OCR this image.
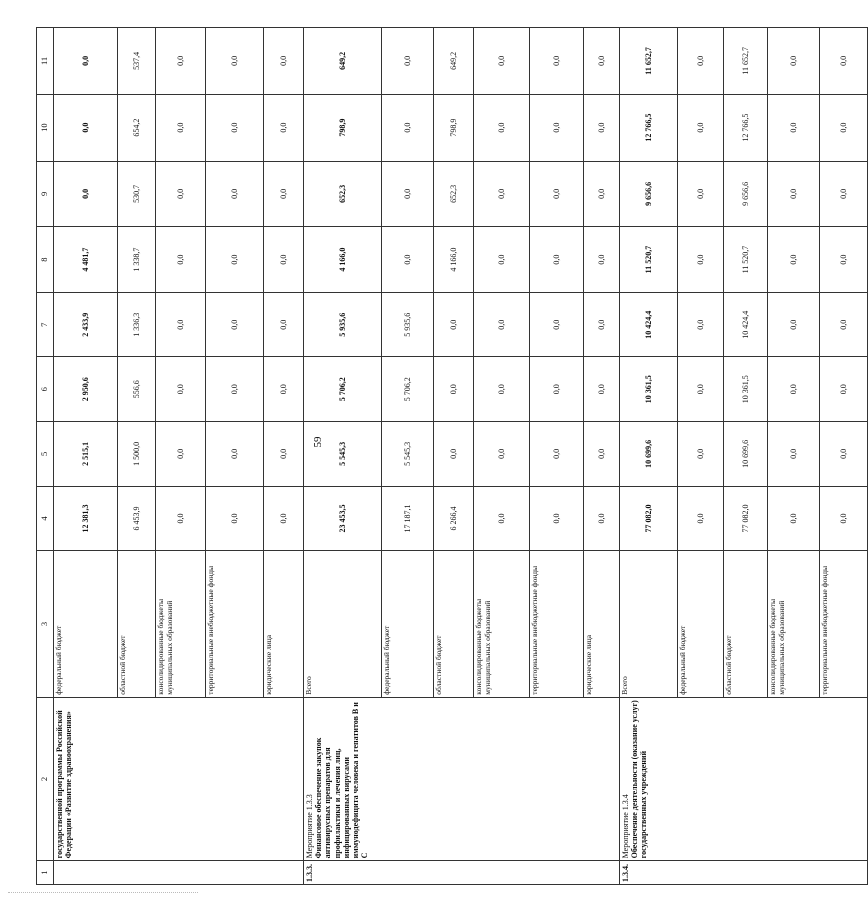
59
1	2	3	4	5	6	7	8	9	10	11

	государственной программы Российской Федерации «Развитие здравоохранения»	федеральный бюджет	12 381,3	2 515,1	2 950,6	2 433,9	4 481,7	0,0	0,0	0,0
		областной бюджет	6 453,9	1 500,0	556,6	1 336,3	1 338,7	530,7	654,2	537,4
		консолидированные бюджеты муниципальных образований	0,0	0,0	0,0	0,0	0,0	0,0	0,0	0,0
		территориальные внебюджетные фонды	0,0	0,0	0,0	0,0	0,0	0,0	0,0	0,0
		юридические лица	0,0	0,0	0,0	0,0	0,0	0,0	0,0	0,0
1.3.3.	Мероприятие 1.3.3 Финансовое обеспечение закупок антивирусных препаратов для профилактики и лечения лиц, инфицированных вирусами иммунодефицита человека и гепатитов В и С	Всего	23 453,5	5 545,3	5 706,2	5 935,6	4 166,0	652,3	798,9	649,2
		федеральный бюджет	17 187,1	5 545,3	5 706,2	5 935,6	0,0	0,0	0,0	0,0
		областной бюджет	6 266,4	0,0	0,0	0,0	4 166,0	652,3	798,9	649,2
		консолидированные бюджеты муниципальных образований	0,0	0,0	0,0	0,0	0,0	0,0	0,0	0,0
		территориальные внебюджетные фонды	0,0	0,0	0,0	0,0	0,0	0,0	0,0	0,0
		юридические лица	0,0	0,0	0,0	0,0	0,0	0,0	0,0	0,0
1.3.4.	Мероприятие 1.3.4 Обеспечение деятельности (оказание услуг) государственных учреждений	Всего	77 082,0	10 699,6	10 361,5	10 424,4	11 520,7	9 656,6	12 766,5	11 652,7
		федеральный бюджет	0,0	0,0	0,0	0,0	0,0	0,0	0,0	0,0
		областной бюджет	77 082,0	10 699,6	10 361,5	10 424,4	11 520,7	9 656,6	12 766,5	11 652,7
		консолидированные бюджеты муниципальных образований	0,0	0,0	0,0	0,0	0,0	0,0	0,0	0,0
		территориальные внебюджетные фонды	0,0	0,0	0,0	0,0	0,0	0,0	0,0	0,0
